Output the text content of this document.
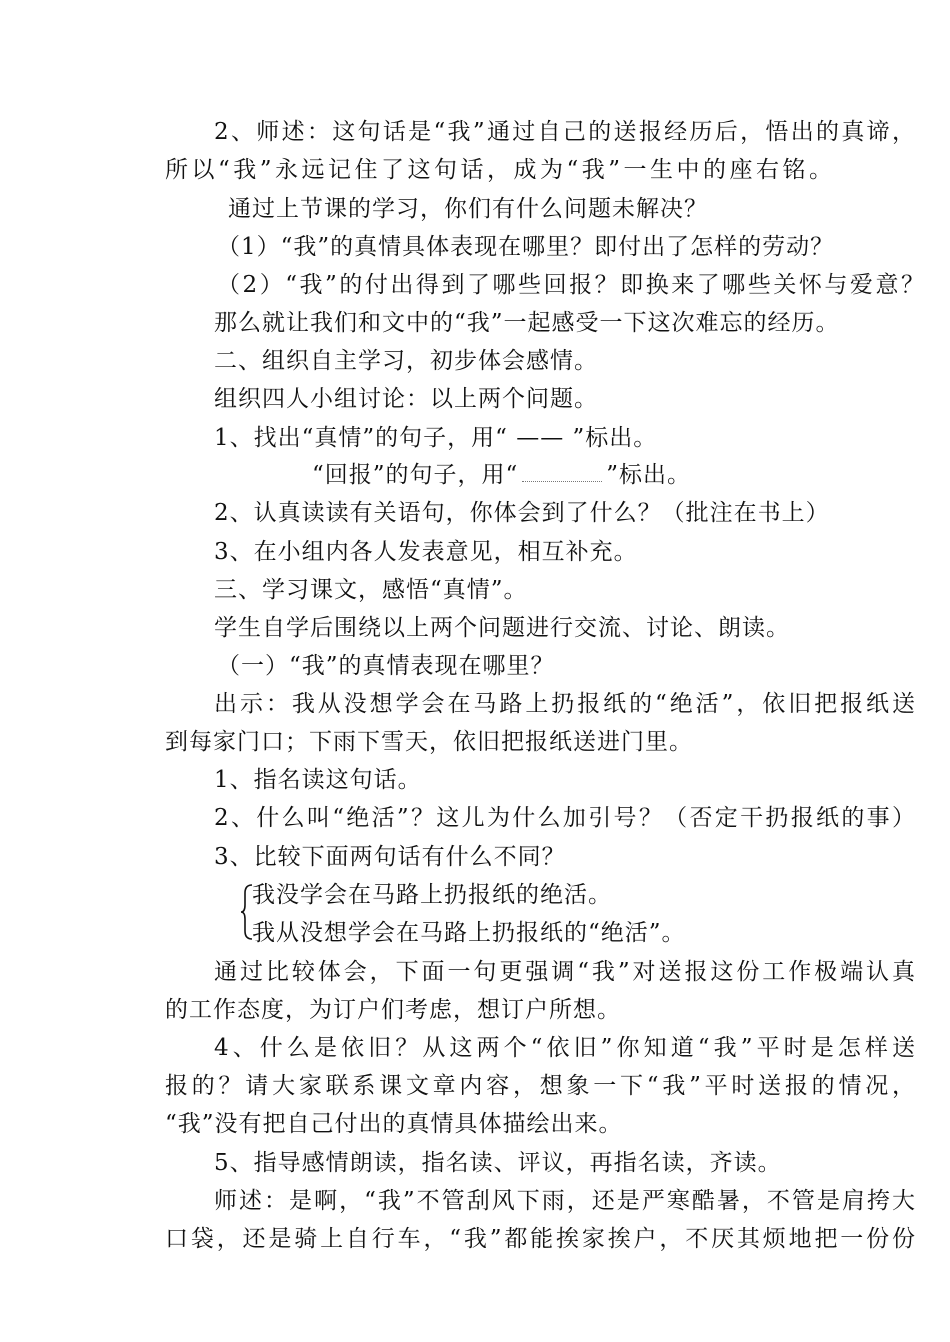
2、师述：这句话是“我”通过自己的送报经历后，悟出的真谛，
所以“我”永远记住了这句话，成为“我”一生中的座右铭。
通过上节课的学习，你们有什么问题未解决？
（1）“我”的真情具体表现在哪里？即付出了怎样的劳动？
（2）“我”的付出得到了哪些回报？即换来了哪些关怀与爱意？
那么就让我们和文中的“我”一起感受一下这次难忘的经历。
二、组织自主学习，初步体会感情。
组织四人小组讨论：以上两个问题。
1、找出“真情”的句子，用“ —— ”标出。
“回报”的句子，用“	”标出。
2、认真读读有关语句，你体会到了什么？（批注在书上）
3、在小组内各人发表意见，相互补充。
三、学习课文，感悟“真情”。
学生自学后围绕以上两个问题进行交流、讨论、朗读。
（一）“我”的真情表现在哪里？
出示：我从没想学会在马路上扔报纸的“绝活”，依旧把报纸送
到每家门口；下雨下雪天，依旧把报纸送进门里。
1、指名读这句话。
2、什么叫“绝活”？这儿为什么加引号？（否定干扔报纸的事）
3、比较下面两句话有什么不同？
我没学会在马路上扔报纸的绝活。
我从没想学会在马路上扔报纸的“绝活”。
通过比较体会，下面一句更强调“我”对送报这份工作极端认真
的工作态度，为订户们考虑，想订户所想。
4、什么是依旧？从这两个“依旧”你知道“我”平时是怎样送
报的？请大家联系课文章内容，想象一下“我”平时送报的情况，
“我”没有把自己付出的真情具体描绘出来。
5、指导感情朗读，指名读、评议，再指名读，齐读。
师述：是啊，“我”不管刮风下雨，还是严寒酷暑，不管是肩挎大
口袋，还是骑上自行车，“我”都能挨家挨户，不厌其烦地把一份份
